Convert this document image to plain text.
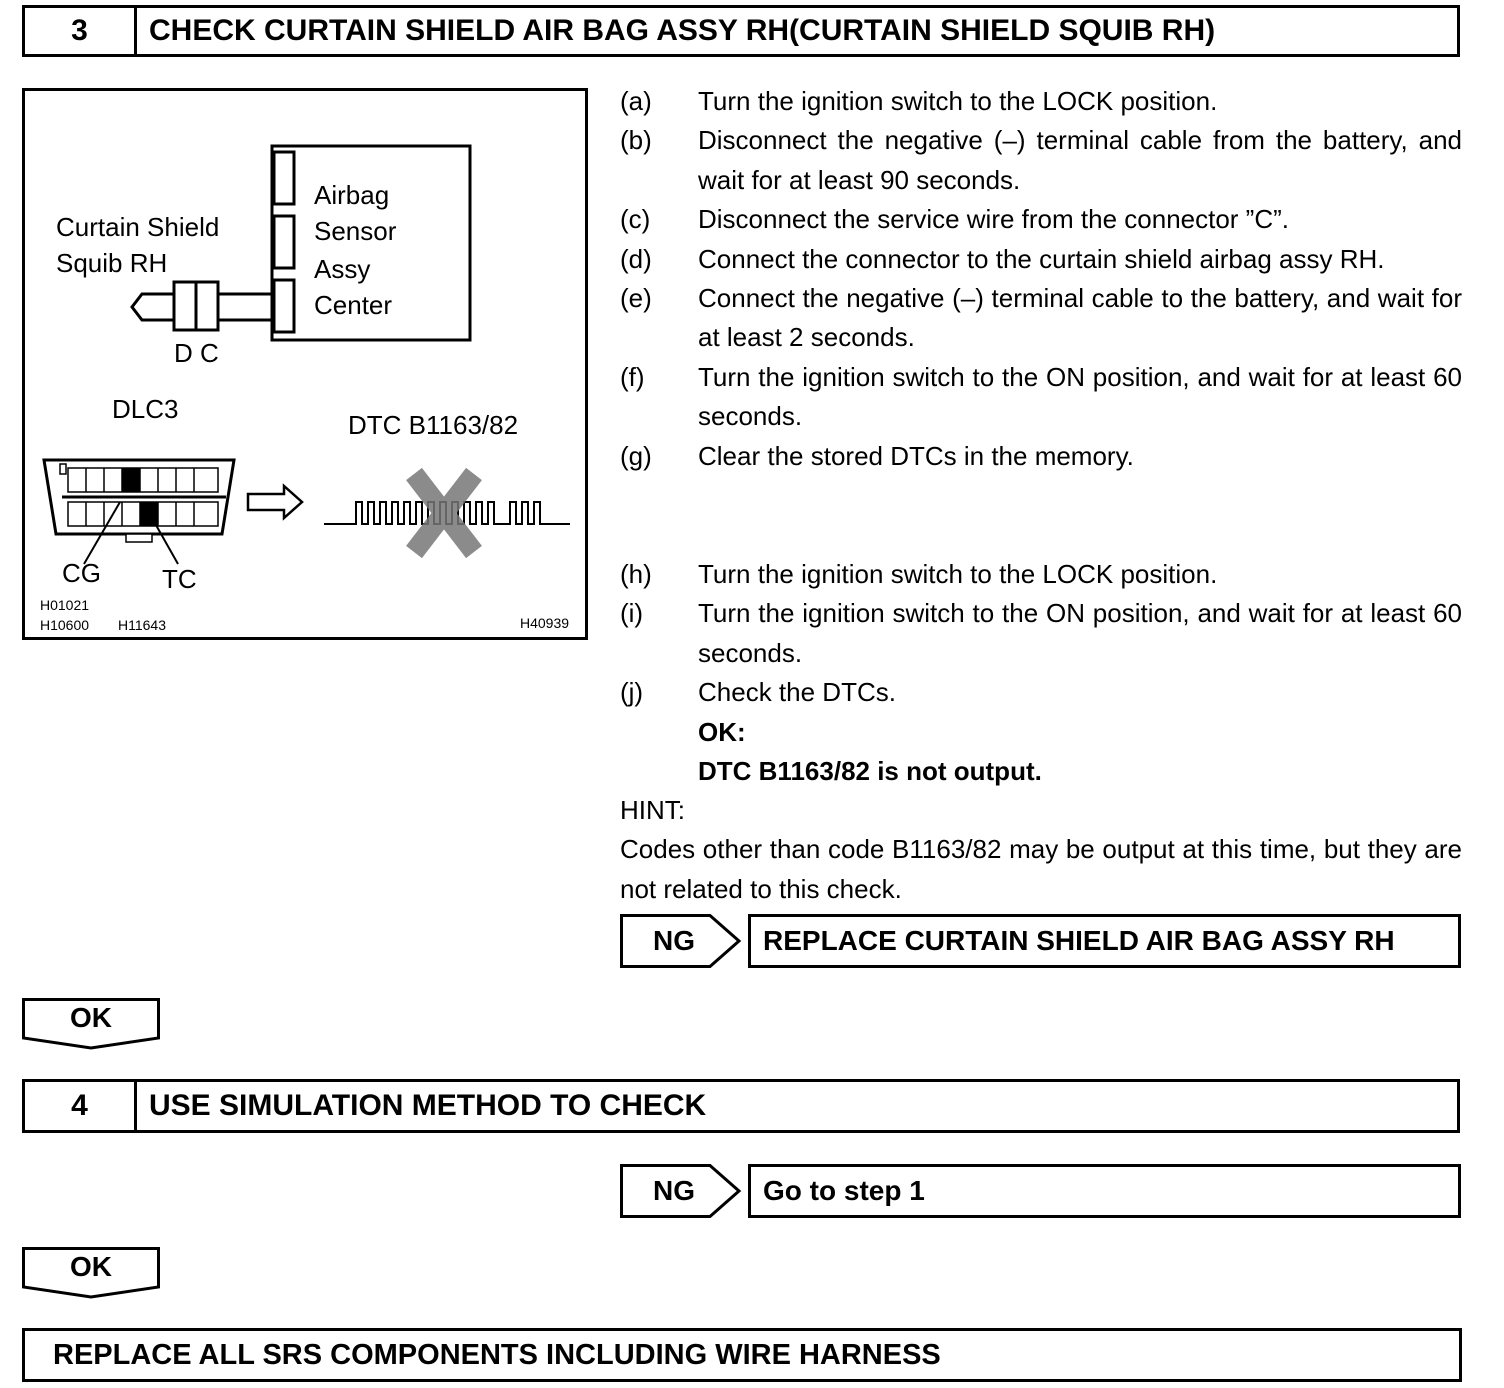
3	CHECK CURTAIN SHIELD AIR BAG ASSY RH(CURTAIN SHIELD SQUIB RH)
Airbag
Sensor
Assy
Center
Curtain Shield
Squib RH
D C
DLC3
CG TC
DTC B1163/82
H01021
H10600 H11643	H40939
(a)	Turn the ignition switch to the LOCK position.
(b)	Disconnect the negative (–) terminal cable from the battery, and wait for at least 90 seconds.
(c)	Disconnect the service wire from the connector ”C”.
(d)	Connect the connector to the curtain shield airbag assy RH.
(e)	Connect the negative (–) terminal cable to the battery, and wait for at least 2 seconds.
(f)	Turn the ignition switch to the ON position, and wait for at least 60 seconds.
(g)	Clear the stored DTCs in the memory.
(h)	Turn the ignition switch to the LOCK position.
(i)	Turn the ignition switch to the ON position, and wait for at least 60 seconds.
(j)	Check the DTCs.
OK:
DTC B1163/82 is not output.
HINT:
Codes other than code B1163/82 may be output at this time, but they are not related to this check.
NG	REPLACE CURTAIN SHIELD AIR BAG ASSY RH
OK
4	USE SIMULATION METHOD TO CHECK
NG	Go to step 1
OK
REPLACE ALL SRS COMPONENTS INCLUDING WIRE HARNESS
